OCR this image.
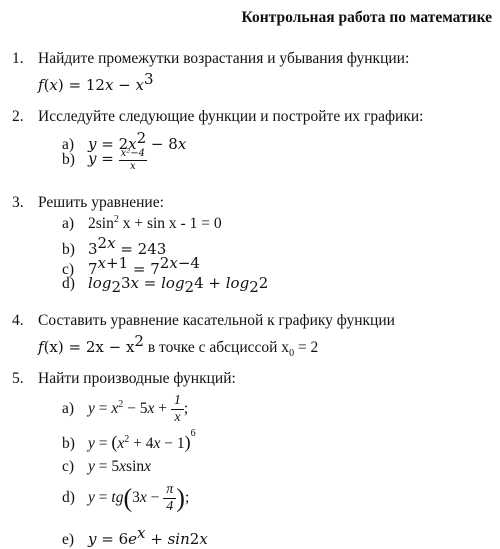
Контрольная работа по математике
1. Найдите промежутки возрастания и убывания функции:
$f(x) = 12x - x^3$
2. Исследуйте следующие функции и постройте их графики:
a) $y = 2x^2 - 8x$
b) $y = \frac{\text{x²−4}}{x}$
3. Решить уравнение:
a) $2\sin^2$ x + sin x - 1 = 0
b) $3^{2x} = 243$
c) $7^{x+1} = 7^{2x-4}$
d) $\log_23x = \log_24 + \log_22$
4. Составить уравнение касательной к графику функции
$f(x) = 2x - x^2$ в точке с абсциссой $x_0 = 2$
5. Найти производные функций:
a) $y = x^2 - 5x + \frac{1}{x}$ ;
b) $y = (x^2 + 4x - 1)^6$
c) y = 5xsinx
d) $y = tg(3x - \frac{\pi}{4}$ );
e) $y = 6e^x + \sin 2x$
